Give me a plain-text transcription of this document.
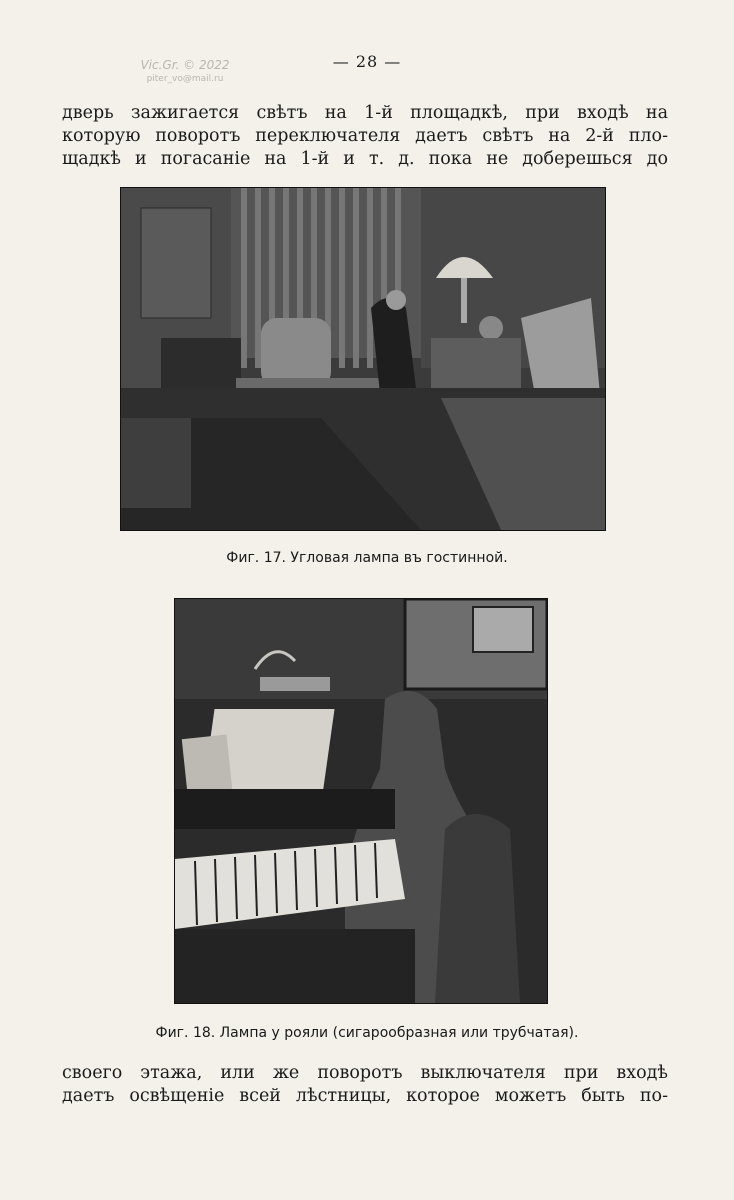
Vic.Gr. © 2022
piter_vo@mail.ru
— 28 —
дверь зажигается свѣтъ на 1-й площадкѣ, при входѣ на
которую поворотъ переключателя даетъ свѣтъ на 2-й пло-
щадкѣ и погасаніе на 1-й и т. д. пока не доберешься до
Фиг. 17. Угловая лампа въ гостинной.
Фиг. 18. Лампа у рояли (сигарообразная или трубчатая).
своего этажа, или же поворотъ выключателя при входѣ
даетъ освѣщеніе всей лѣстницы, которое можетъ быть по-
